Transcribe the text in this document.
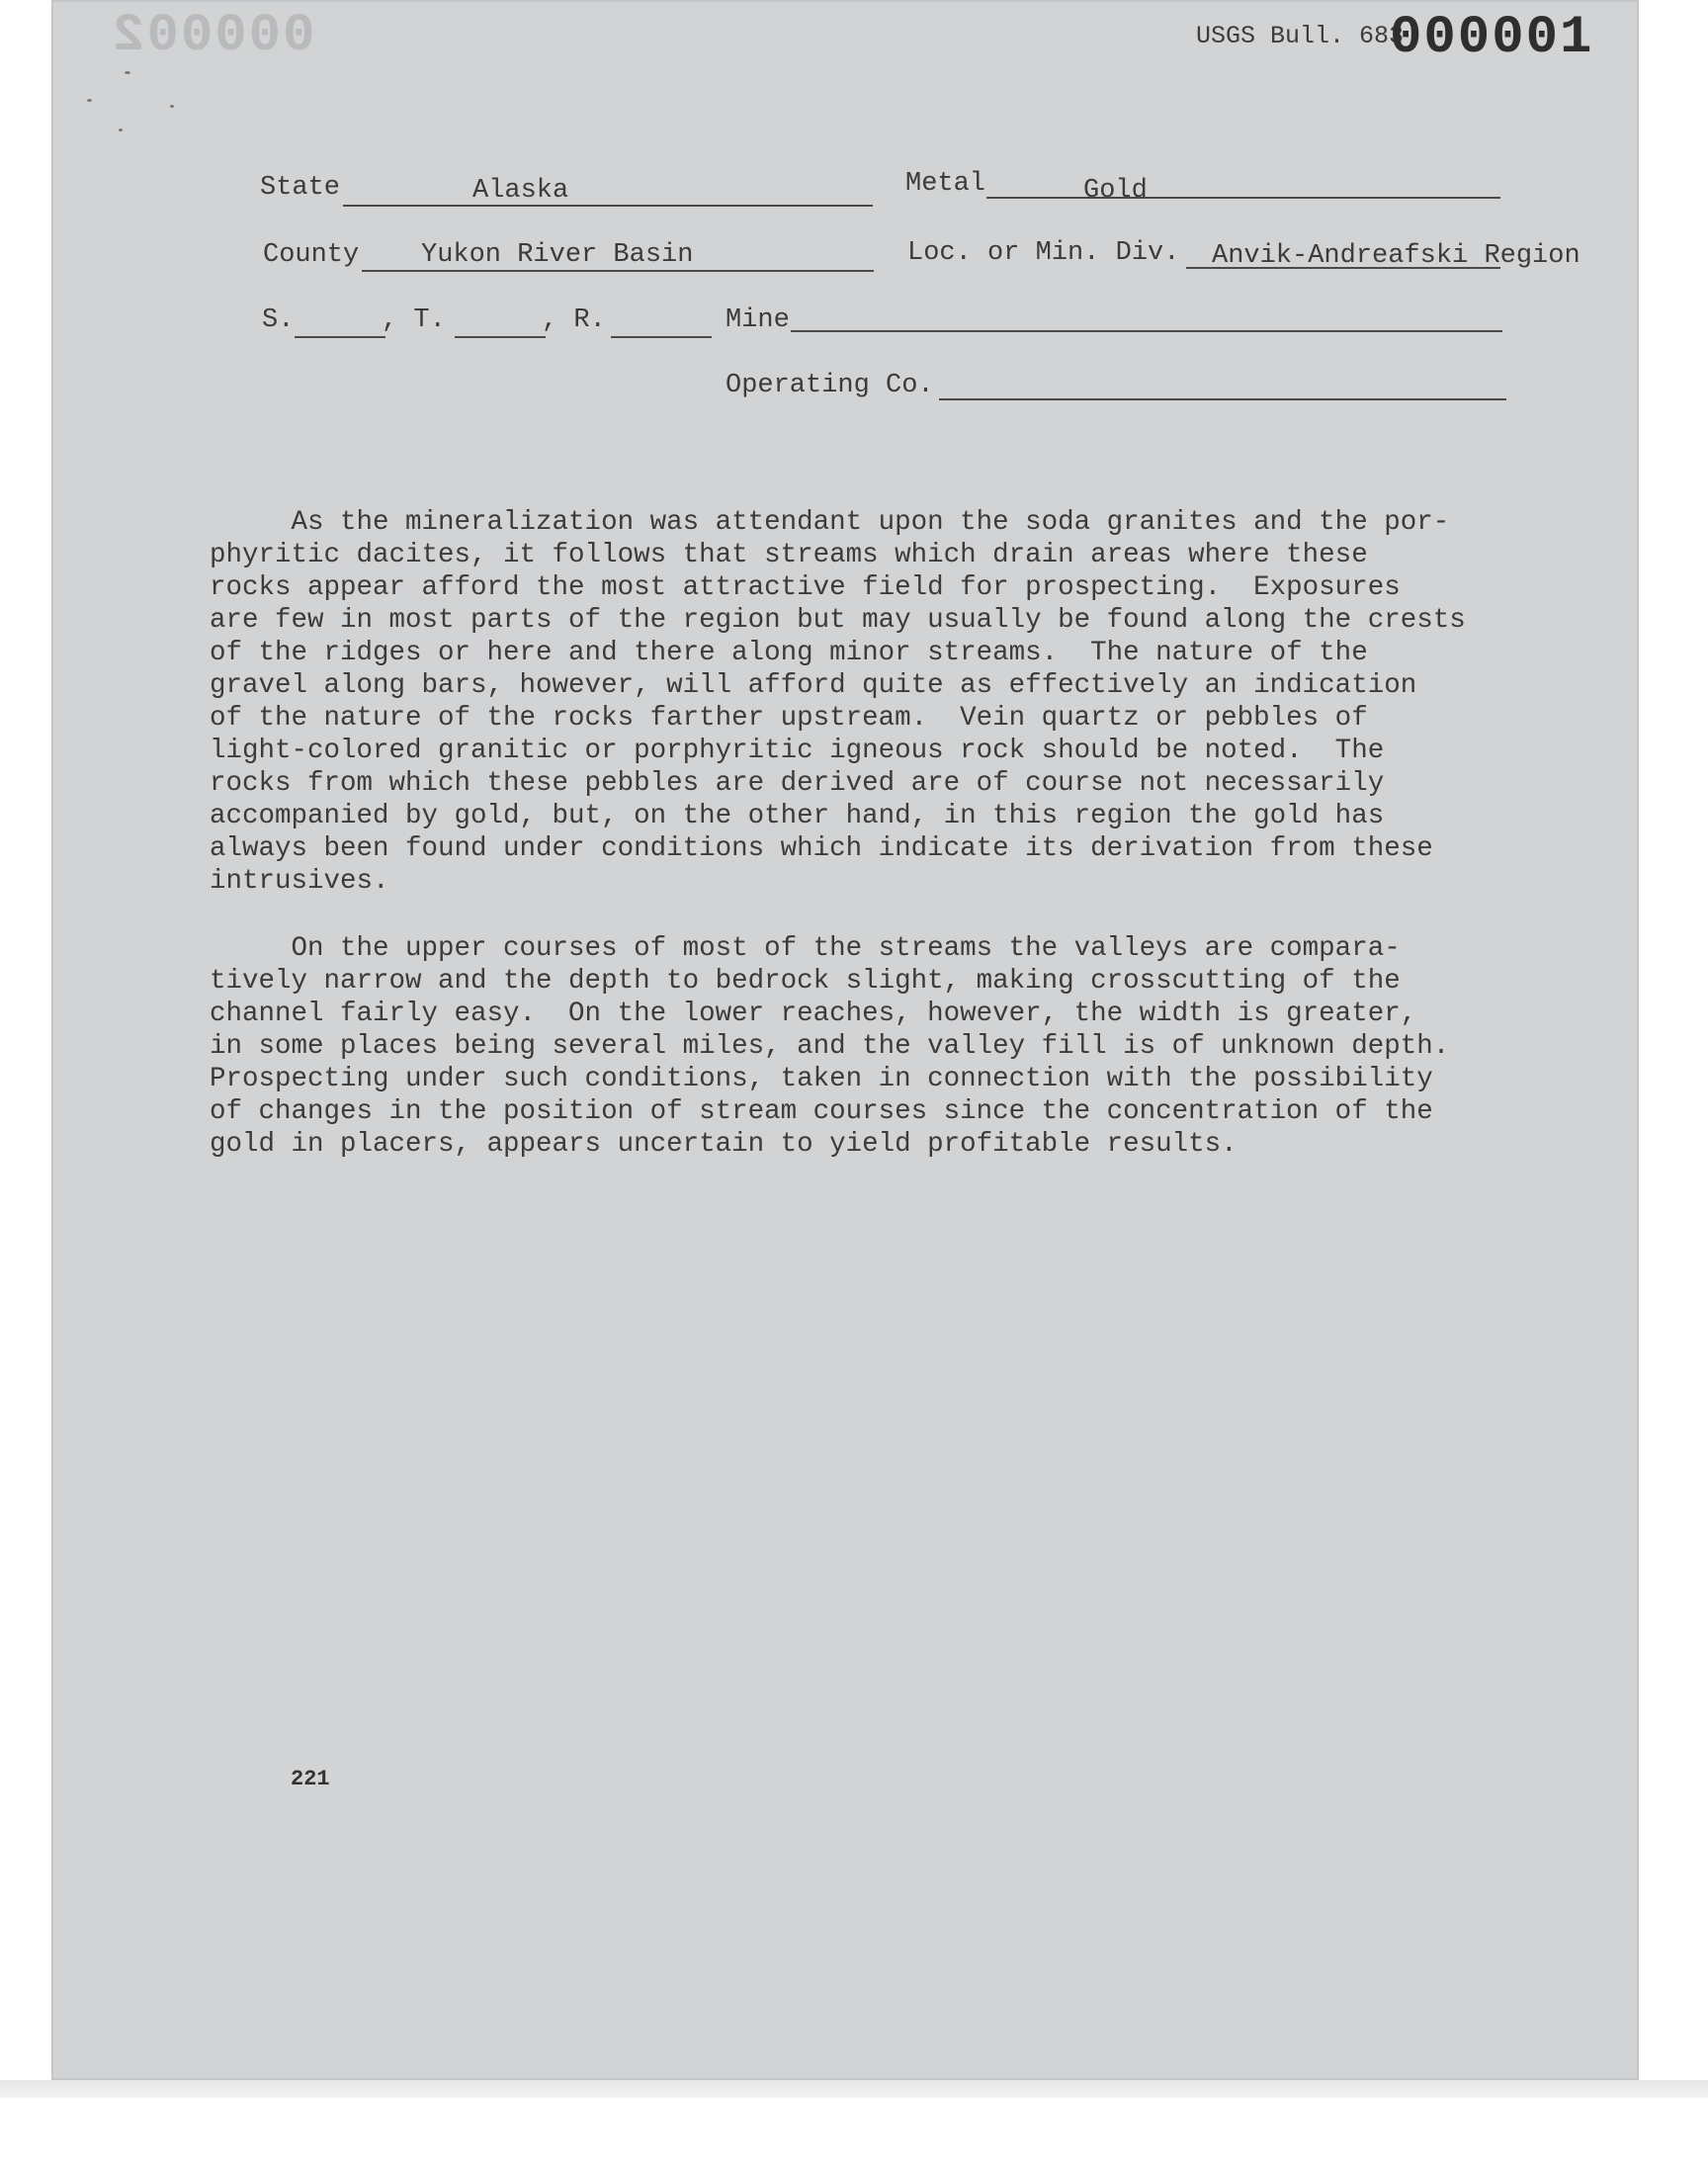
000002	USGS Bull. 683
000001
State	Alaska	Metal	Gold
County Yukon River Basin	Loc. or Min. Div. Anvik-Andreafski Region
S.	, T.	, R.	Mine
Operating Co.
As the mineralization was attendant upon the soda granites and the por-
phyritic dacites, it follows that streams which drain areas where these
rocks appear afford the most attractive field for prospecting.  Exposures
are few in most parts of the region but may usually be found along the crests
of the ridges or here and there along minor streams.  The nature of the
gravel along bars, however, will afford quite as effectively an indication
of the nature of the rocks farther upstream.  Vein quartz or pebbles of
light-colored granitic or porphyritic igneous rock should be noted.  The
rocks from which these pebbles are derived are of course not necessarily
accompanied by gold, but, on the other hand, in this region the gold has
always been found under conditions which indicate its derivation from these
intrusives.
On the upper courses of most of the streams the valleys are compara-
tively narrow and the depth to bedrock slight, making crosscutting of the
channel fairly easy.  On the lower reaches, however, the width is greater,
in some places being several miles, and the valley fill is of unknown depth.
Prospecting under such conditions, taken in connection with the possibility
of changes in the position of stream courses since the concentration of the
gold in placers, appears uncertain to yield profitable results.
221
